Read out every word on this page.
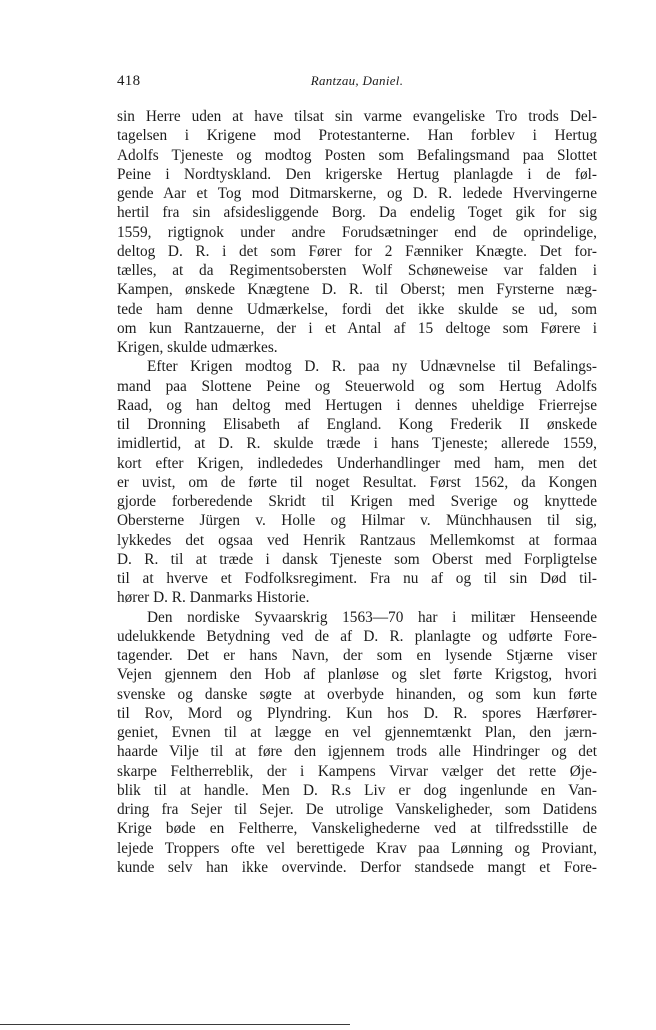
418	Rantzau, Daniel.
sin Herre uden at have tilsat sin varme evangeliske Tro trods Del-
tagelsen i Krigene mod Protestanterne. Han forblev i Hertug
Adolfs Tjeneste og modtog Posten som Befalingsmand paa Slottet
Peine i Nordtyskland. Den krigerske Hertug planlagde i de føl-
gende Aar et Tog mod Ditmarskerne, og D. R. ledede Hvervingerne
hertil fra sin afsidesliggende Borg. Da endelig Toget gik for sig
1559, rigtignok under andre Forudsætninger end de oprindelige,
deltog D. R. i det som Fører for 2 Fænniker Knægte. Det for-
tælles, at da Regimentsobersten Wolf Schøneweise var falden i
Kampen, ønskede Knægtene D. R. til Oberst; men Fyrsterne næg-
tede ham denne Udmærkelse, fordi det ikke skulde se ud, som
om kun Rantzauerne, der i et Antal af 15 deltoge som Førere i
Krigen, skulde udmærkes.
Efter Krigen modtog D. R. paa ny Udnævnelse til Befalings-
mand paa Slottene Peine og Steuerwold og som Hertug Adolfs
Raad, og han deltog med Hertugen i dennes uheldige Frierrejse
til Dronning Elisabeth af England. Kong Frederik II ønskede
imidlertid, at D. R. skulde træde i hans Tjeneste; allerede 1559,
kort efter Krigen, indlededes Underhandlinger med ham, men det
er uvist, om de førte til noget Resultat. Først 1562, da Kongen
gjorde forberedende Skridt til Krigen med Sverige og knyttede
Obersterne Jürgen v. Holle og Hilmar v. Münchhausen til sig,
lykkedes det ogsaa ved Henrik Rantzaus Mellemkomst at formaa
D. R. til at træde i dansk Tjeneste som Oberst med Forpligtelse
til at hverve et Fodfolksregiment. Fra nu af og til sin Død til-
hører D. R. Danmarks Historie.
Den nordiske Syvaarskrig 1563—70 har i militær Henseende
udelukkende Betydning ved de af D. R. planlagte og udførte Fore-
tagender. Det er hans Navn, der som en lysende Stjærne viser
Vejen gjennem den Hob af planløse og slet førte Krigstog, hvori
svenske og danske søgte at overbyde hinanden, og som kun førte
til Rov, Mord og Plyndring. Kun hos D. R. spores Hærfører-
geniet, Evnen til at lægge en vel gjennemtænkt Plan, den jærn-
haarde Vilje til at føre den igjennem trods alle Hindringer og det
skarpe Feltherreblik, der i Kampens Virvar vælger det rette Øje-
blik til at handle. Men D. R.s Liv er dog ingenlunde en Van-
dring fra Sejer til Sejer. De utrolige Vanskeligheder, som Datidens
Krige bøde en Feltherre, Vanskelighederne ved at tilfredsstille de
lejede Troppers ofte vel berettigede Krav paa Lønning og Proviant,
kunde selv han ikke overvinde. Derfor standsede mangt et Fore-
